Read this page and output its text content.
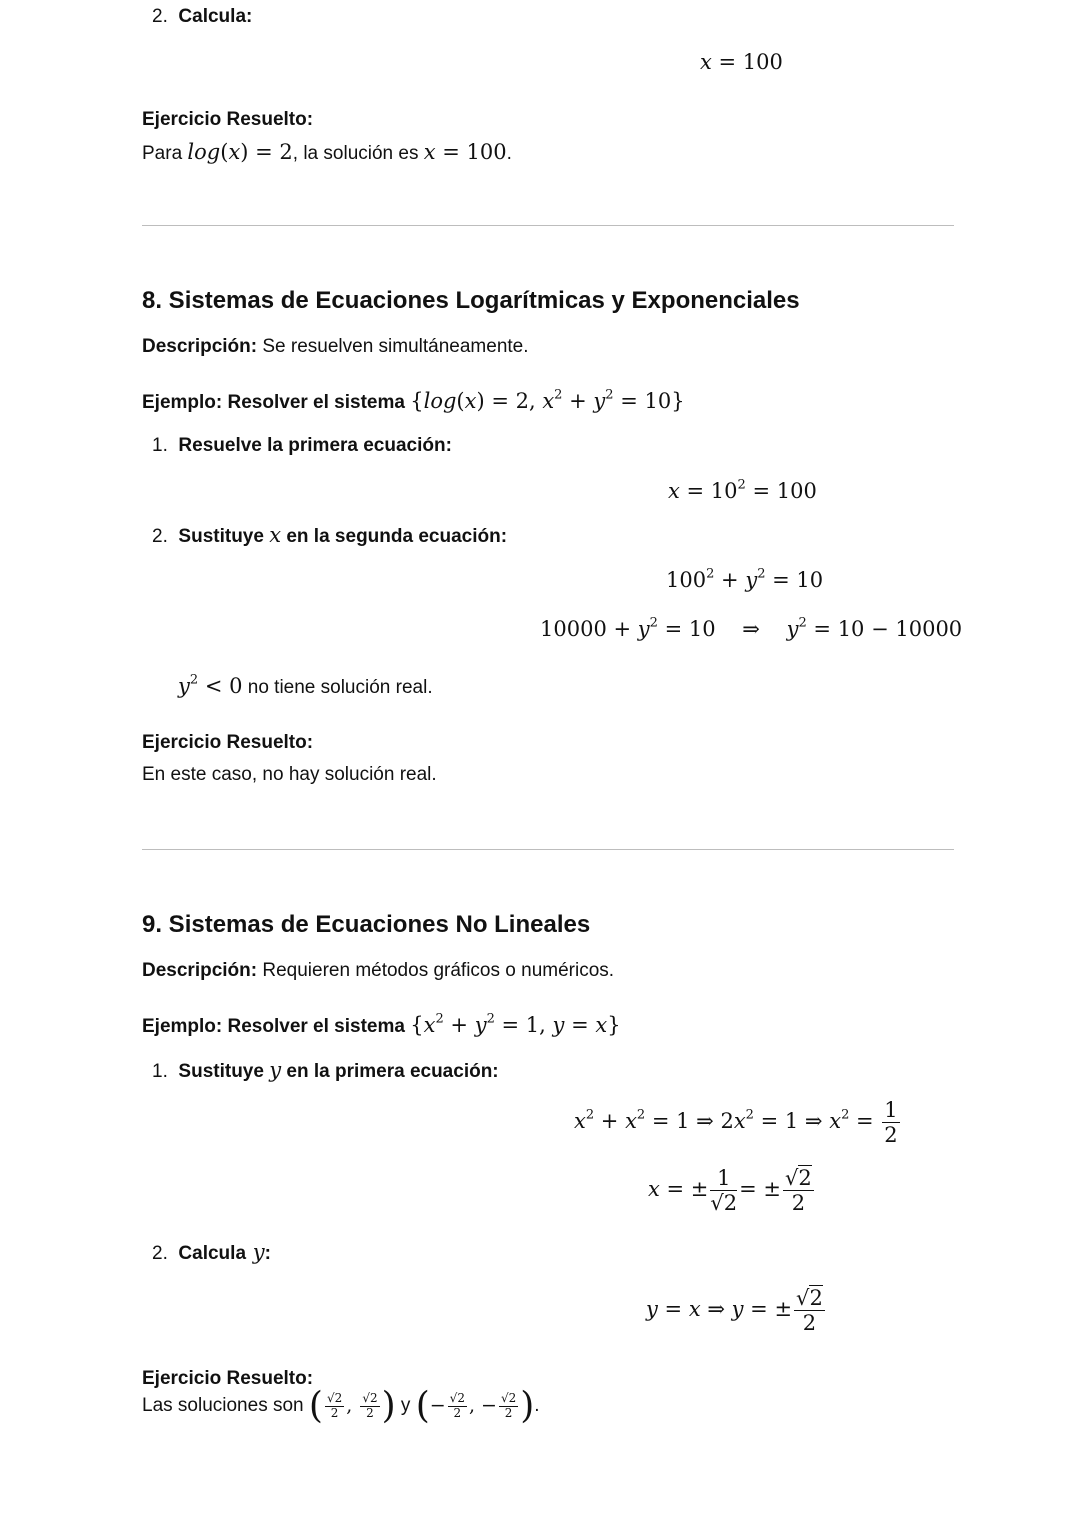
2. Calcula:
x = 100
Ejercicio Resuelto:
Para log(x) = 2, la solución es x = 100.
8. Sistemas de Ecuaciones Logarítmicas y Exponenciales
Descripción: Se resuelven simultáneamente.
Ejemplo: Resolver el sistema {log(x) = 2, $x^2 + y^2 = 10$}
1. Resuelve la primera ecuación:
$x = 10^2 = 100$
2. Sustituye x en la segunda ecuación:
$100^2 + y^2 = 10$
$10000 + y^2 = 10$    ⇒    $y^2 = 10 - 10000$
$y^2 < 0$ no tiene solución real.
Ejercicio Resuelto:
En este caso, no hay solución real.
9. Sistemas de Ecuaciones No Lineales
Descripción: Requieren métodos gráficos o numéricos.
Ejemplo: Resolver el sistema {$x^2 + y^2 = 1$, y = x}
1. Sustituye y en la primera ecuación:
$x^2 + x^2 = 1$ ⇒ $2x^2 = 1$ ⇒ $x^2 = \frac{1}{2}$
x = ± $\frac{1}{√2}$ = ± $\frac{√2}{2}$
2. Calcula y:
y = x ⇒ y = ± $\frac{√2}{2}$
Ejercicio Resuelto:
Las soluciones son
( $\frac{√2}{2}$ , $\frac{√2}{2}$ )
y
(− $\frac{√2}{2}$ , − $\frac{√2}{2}$ ) .
